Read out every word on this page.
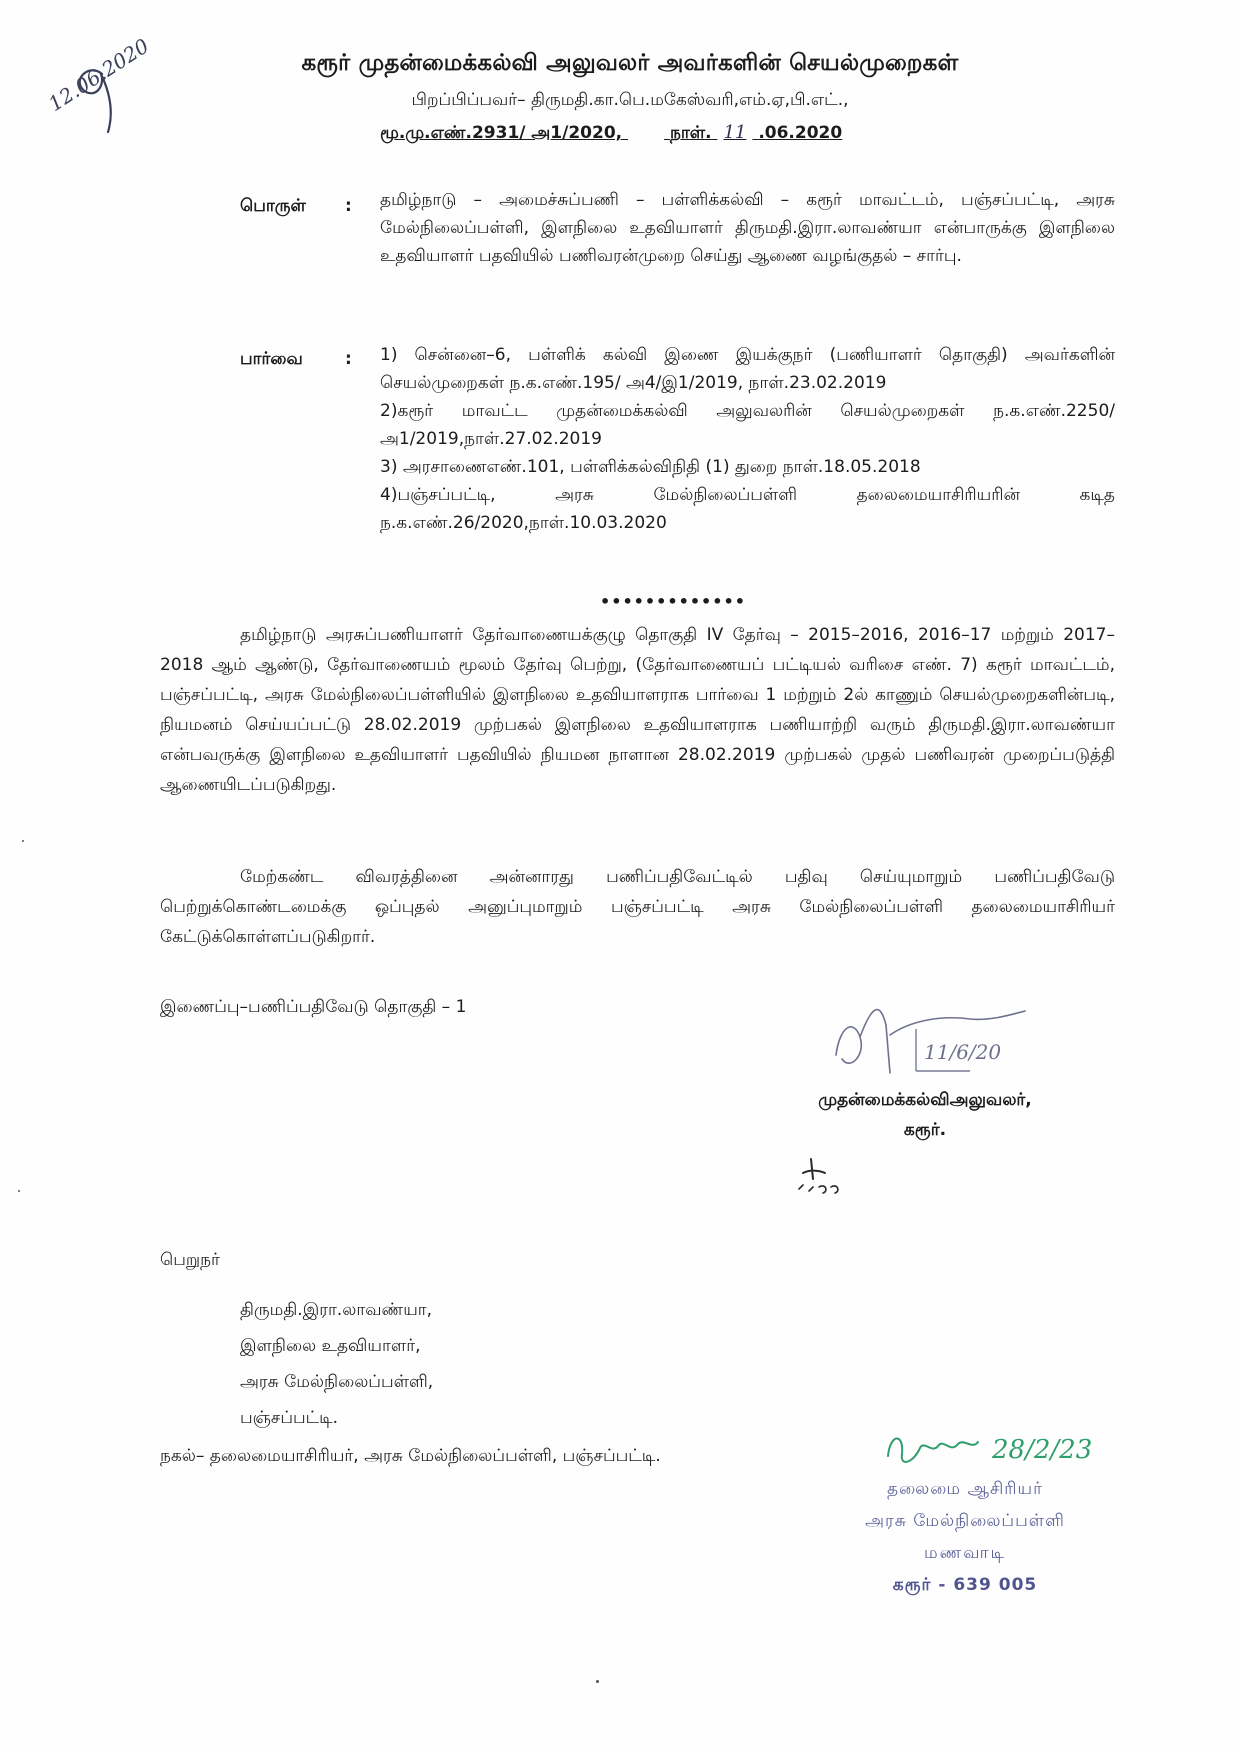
12.06.2020	கரூர் முதன்மைக்கல்வி அலுவலர் அவர்களின் செயல்முறைகள்
பிறப்பிப்பவர்– திருமதி.கா.பெ.மகேஸ்வரி,எம்.ஏ,பி.எட்.,
மூ.மு.எண்.2931/ அ1/2020,	நாள். 11 .06.2020
பொருள் : தமிழ்நாடு – அமைச்சுப்பணி – பள்ளிக்கல்வி – கரூர் மாவட்டம், பஞ்சப்பட்டி, அரசு மேல்நிலைப்பள்ளி, இளநிலை உதவியாளர் திருமதி.இரா.லாவண்யா என்பாருக்கு இளநிலை உதவியாளர் பதவியில் பணிவரன்முறை செய்து ஆணை வழங்குதல் – சார்பு.
பார்வை : 1) சென்னை–6, பள்ளிக் கல்வி இணை இயக்குநர் (பணியாளர் தொகுதி) அவர்களின் செயல்முறைகள் ந.க.எண்.195/ அ4/இ1/2019, நாள்.23.02.2019

2)கரூர் மாவட்ட முதன்மைக்கல்வி அலுவலரின் செயல்முறைகள் ந.க.எண்.2250/ அ1/2019,நாள்.27.02.2019

3) அரசாணைஎண்.101, பள்ளிக்கல்விநிதி (1) துறை நாள்.18.05.2018

4)பஞ்சப்பட்டி, அரசு மேல்நிலைப்பள்ளி தலைமையாசிரியரின் கடித ந.க.எண்.26/2020,நாள்.10.03.2020

•••••••••••••
தமிழ்நாடு அரசுப்பணியாளர் தேர்வாணையக்குழு தொகுதி IV தேர்வு – 2015–2016, 2016–17 மற்றும் 2017–2018 ஆம் ஆண்டு, தேர்வாணையம் மூலம் தேர்வு பெற்று, (தேர்வாணையப் பட்டியல் வரிசை எண். 7) கரூர் மாவட்டம், பஞ்சப்பட்டி, அரசு மேல்நிலைப்பள்ளியில் இளநிலை உதவியாளராக பார்வை 1 மற்றும் 2ல் காணும் செயல்முறைகளின்படி, நியமனம் செய்யப்பட்டு 28.02.2019 முற்பகல் இளநிலை உதவியாளராக பணியாற்றி வரும் திருமதி.இரா.லாவண்யா என்பவருக்கு இளநிலை உதவியாளர் பதவியில் நியமன நாளான 28.02.2019 முற்பகல் முதல் பணிவரன் முறைப்படுத்தி ஆணையிடப்படுகிறது.
மேற்கண்ட விவரத்தினை அன்னாரது பணிப்பதிவேட்டில் பதிவு செய்யுமாறும் பணிப்பதிவேடு பெற்றுக்கொண்டமைக்கு ஒப்புதல் அனுப்புமாறும் பஞ்சப்பட்டி அரசு மேல்நிலைப்பள்ளி தலைமையாசிரியர் கேட்டுக்கொள்ளப்படுகிறார்.
இணைப்பு–பணிப்பதிவேடு தொகுதி – 1
11/6/20
முதன்மைக்கல்விஅலுவலர்,
கரூர்.
பெறுநர்
திருமதி.இரா.லாவண்யா,
இளநிலை உதவியாளர்,
அரசு மேல்நிலைப்பள்ளி,
பஞ்சப்பட்டி.
நகல்– தலைமையாசிரியர், அரசு மேல்நிலைப்பள்ளி, பஞ்சப்பட்டி.	28/2/23
தலைமை ஆசிரியர்
அரசு மேல்நிலைப்பள்ளி
மணவாடி
கரூர் - 639 005
